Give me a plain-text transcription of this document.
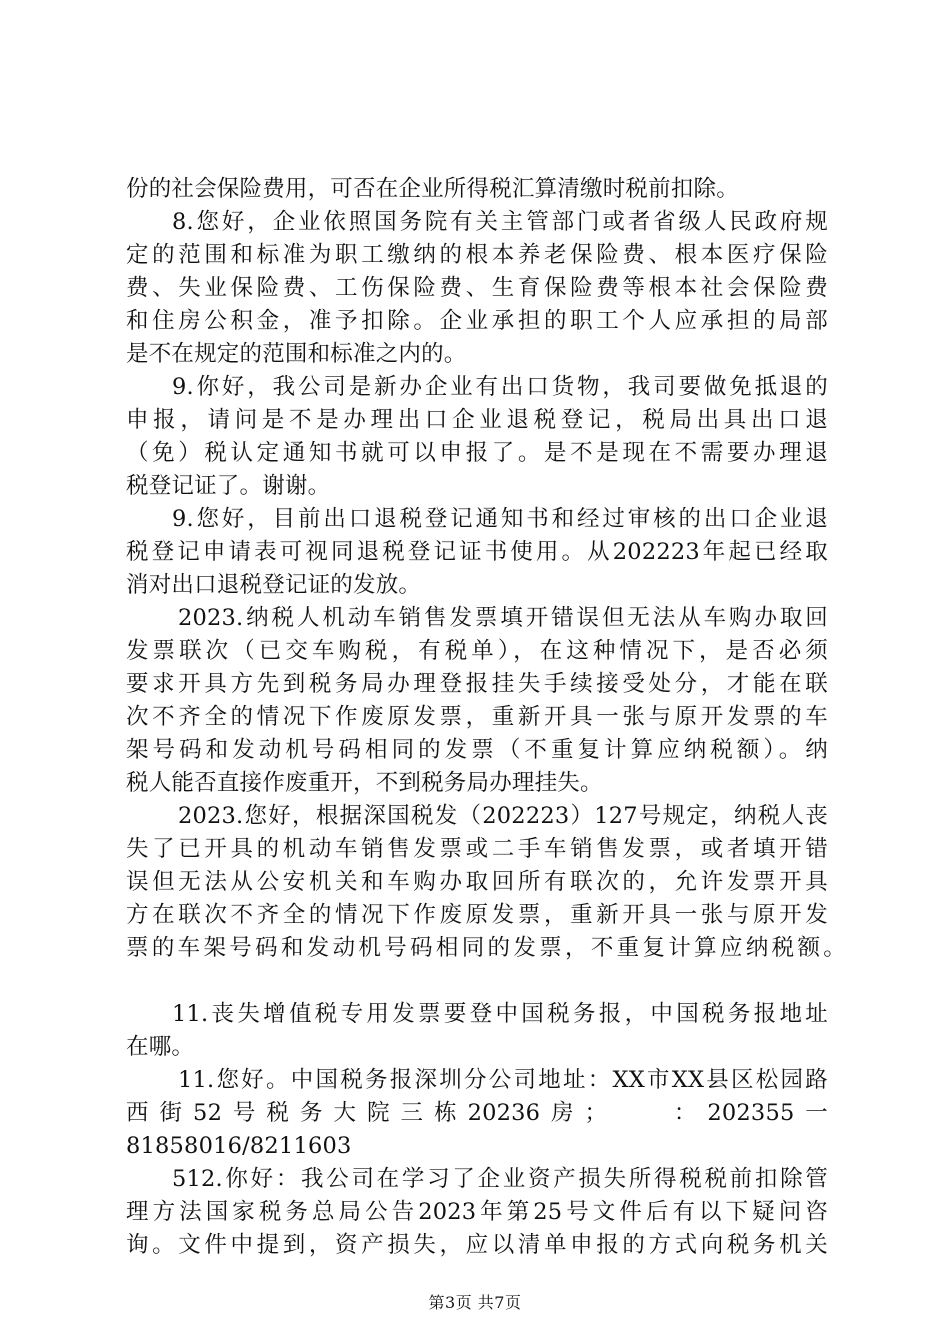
份的社会保险费用，可否在企业所得税汇算清缴时税前扣除。
8.您好，企业依照国务院有关主管部门或者省级人民政府规
定的范围和标准为职工缴纳的根本养老保险费、根本医疗保险
费、失业保险费、工伤保险费、生育保险费等根本社会保险费
和住房公积金，准予扣除。企业承担的职工个人应承担的局部
是不在规定的范围和标准之内的。
9.你好，我公司是新办企业有出口货物，我司要做免抵退的
申报，请问是不是办理出口企业退税登记，税局出具出口退
（免）税认定通知书就可以申报了。是不是现在不需要办理退
税登记证了。谢谢。
9.您好，目前出口退税登记通知书和经过审核的出口企业退
税登记申请表可视同退税登记证书使用。从202223年起已经取
消对出口退税登记证的发放。
2023.纳税人机动车销售发票填开错误但无法从车购办取回
发票联次（已交车购税，有税单），在这种情况下，是否必须
要求开具方先到税务局办理登报挂失手续接受处分，才能在联
次不齐全的情况下作废原发票，重新开具一张与原开发票的车
架号码和发动机号码相同的发票（不重复计算应纳税额）。纳
税人能否直接作废重开，不到税务局办理挂失。
2023.您好，根据深国税发（202223）127号规定，纳税人丧
失了已开具的机动车销售发票或二手车销售发票，或者填开错
误但无法从公安机关和车购办取回所有联次的，允许发票开具
方在联次不齐全的情况下作废原发票，重新开具一张与原开发
票的车架号码和发动机号码相同的发票，不重复计算应纳税额。
11.丧失增值税专用发票要登中国税务报，中国税务报地址
在哪。
11.您好。中国税务报深圳分公司地址：XX市XX县区松园路
西街52号税务大院三栋20236房；　　：202355一
81858016/8211603
512.你好：我公司在学习了企业资产损失所得税税前扣除管
理方法国家税务总局公告2023年第25号文件后有以下疑问咨
询。文件中提到，资产损失，应以清单申报的方式向税务机关
第3页 共7页
